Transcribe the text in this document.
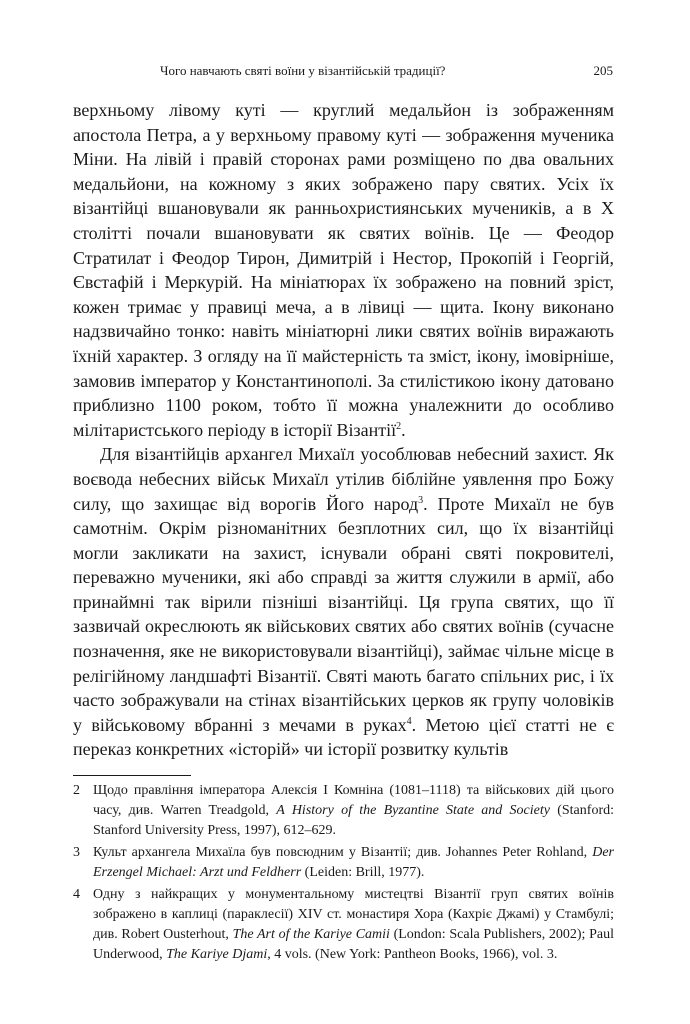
Чого навчають святі воїни у візантійській традиції?	205

верхньому лівому куті — круглий медальйон із зображенням апостола Петра, а у верхньому правому куті — зображення мученика Міни. На лівій і правій сторонах рами розміщено по два овальних медальйони, на кожному з яких зображено пару святих. Усіх їх візантійці вшановували як ранньохристиянських мучеників, а в X столітті почали вшановувати як святих воїнів. Це — Феодор Стратилат і Феодор Тирон, Димитрій і Нестор, Прокопій і Георгій, Євстафій і Меркурій. На мініатюрах їх зображено на повний зріст, кожен тримає у правиці меча, а в лівиці — щита. Ікону виконано надзвичайно тонко: навіть мініатюрні лики святих воїнів виражають їхній характер. З огляду на її майстерність та зміст, ікону, імовірніше, замовив імператор у Константинополі. За стилістикою ікону датовано приблизно 1100 роком, тобто її можна уналежнити до особливо мілітаристського періоду в історії Візантії$^2$.

Для візантійців архангел Михаїл уособлював небесний захист. Як воєвода небесних військ Михаїл утілив біблійне уявлення про Божу силу, що захищає від ворогів Його народ$^3$. Проте Михаїл не був самотнім. Окрім різноманітних безплотних сил, що їх візантійці могли закликати на захист, існували обрані святі покровителі, переважно мученики, які або справді за життя служили в армії, або принаймні так вірили пізніші візантійці. Ця група святих, що її зазвичай окреслюють як військових святих або святих воїнів (сучасне позначення, яке не використовували візантійці), займає чільне місце в релігійному ландшафті Візантії. Святі мають багато спільних рис, і їх часто зображували на стінах візантійських церков як групу чоловіків у військовому вбранні з мечами в руках$^4$. Метою цієї статті не є переказ конкретних «історій» чи історії розвитку культів

2 Щодо правління імператора Алексія I Комніна (1081–1118) та військових дій цього часу, див. Warren Treadgold, A History of the Byzantine State and Society (Stanford: Stanford University Press, 1997), 612–629.
3 Культ архангела Михаїла був повсюдним у Візантії; див. Johannes Peter Rohland, Der Erzengel Michael: Arzt und Feldherr (Leiden: Brill, 1977).
4 Одну з найкращих у монументальному мистецтві Візантії груп святих воїнів зображено в каплиці (параклесії) XIV ст. монастиря Хора (Кахріє Джамі) у Стамбулі; див. Robert Ousterhout, The Art of the Kariye Camii (London: Scala Publishers, 2002); Paul Underwood, The Kariye Djami, 4 vols. (New York: Pantheon Books, 1966), vol. 3.
